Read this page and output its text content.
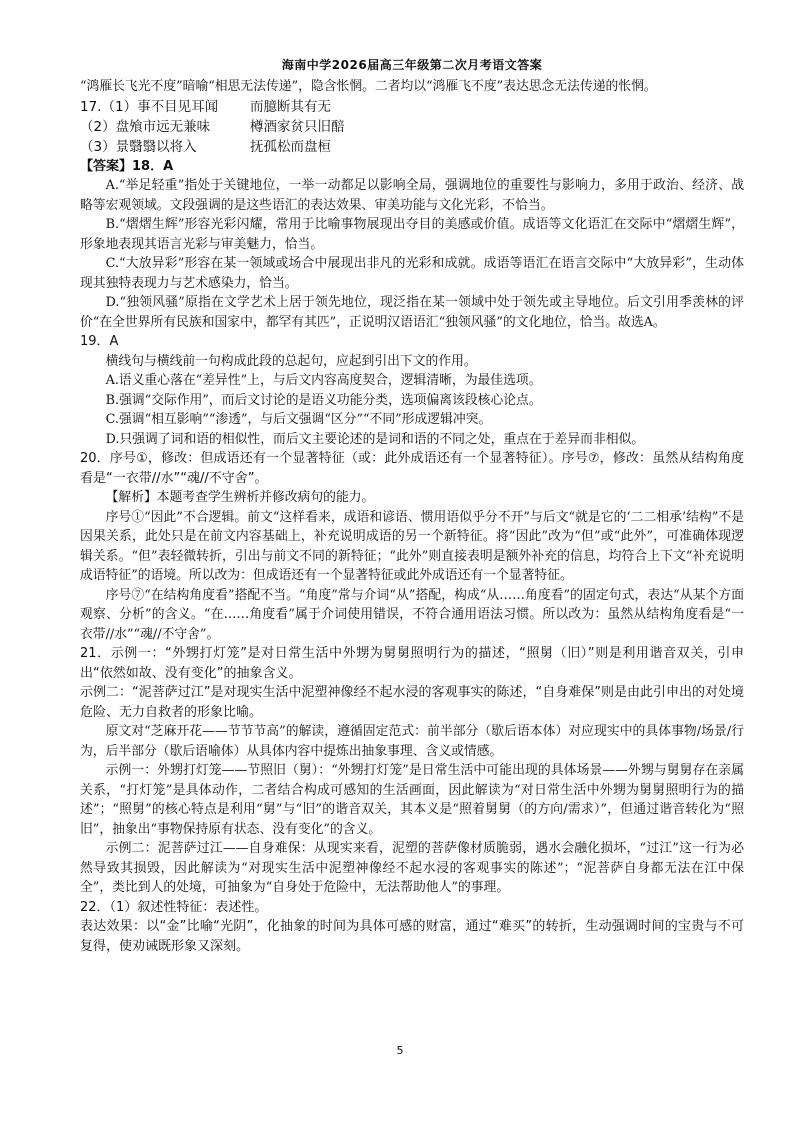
海南中学2026届高三年级第二次月考语文答案

“鸿雁长飞光不度”暗喻“相思无法传递”，隐含怅惘。二者均以“鸿雁飞不度”表达思念无法传递的怅惘。

17.（1）事不目见耳闻	而臆断其有无
（2）盘飧市远无兼味	樽酒家贫只旧醅
（3）景翳翳以将入	抚孤松而盘桓

【答案】18．A

A.“举足轻重”指处于关键地位，一举一动都足以影响全局，强调地位的重要性与影响力，多用于政治、经济、战略等宏观领域。文段强调的是这些语汇的表达效果、审美功能与文化光彩，不恰当。

B.“熠熠生辉”形容光彩闪耀，常用于比喻事物展现出夺目的美感或价值。成语等文化语汇在交际中“熠熠生辉”，形象地表现其语言光彩与审美魅力，恰当。

C.“大放异彩”形容在某一领域或场合中展现出非凡的光彩和成就。成语等语汇在语言交际中“大放异彩”，生动体现其独特表现力与艺术感染力，恰当。

D.“独领风骚”原指在文学艺术上居于领先地位，现泛指在某一领域中处于领先或主导地位。后文引用季羡林的评价“在全世界所有民族和国家中，都罕有其匹”，正说明汉语语汇“独领风骚”的文化地位，恰当。故选A。

19．A

横线句与横线前一句构成此段的总起句，应起到引出下文的作用。

A.语义重心落在“差异性”上，与后文内容高度契合，逻辑清晰，为最佳选项。

B.强调“交际作用”，而后文讨论的是语义功能分类，选项偏离该段核心论点。

C.强调“相互影响”“渗透”，与后文强调“区分”“不同”形成逻辑冲突。

D.只强调了词和语的相似性，而后文主要论述的是词和语的不同之处，重点在于差异而非相似。

20．序号①，修改：但成语还有一个显著特征（或：此外成语还有一个显著特征）。序号⑦，修改：虽然从结构角度看是“一衣带//水”“魂//不守舍”。

【解析】本题考查学生辨析并修改病句的能力。

序号①“因此”不合逻辑。前文“这样看来，成语和谚语、惯用语似乎分不开”与后文“就是它的‘二二相承’结构”不是因果关系，此处只是在前文内容基础上，补充说明成语的另一个新特征。将“因此”改为“但”或“此外”，可准确体现逻辑关系。“但”表轻微转折，引出与前文不同的新特征；“此外”则直接表明是额外补充的信息，均符合上下文“补充说明成语特征”的语境。所以改为：但成语还有一个显著特征或此外成语还有一个显著特征。

序号⑦“在结构角度看”搭配不当。“角度”常与介词“从”搭配，构成“从……角度看”的固定句式，表达“从某个方面观察、分析”的含义。“在……角度看”属于介词使用错误，不符合通用语法习惯。所以改为：虽然从结构角度看是“一衣带//水”“魂//不守舍”。

21．示例一：“外甥打灯笼”是对日常生活中外甥为舅舅照明行为的描述，“照舅（旧）”则是利用谐音双关，引申出“依然如故、没有变化”的抽象含义。

示例二：“泥菩萨过江”是对现实生活中泥塑神像经不起水浸的客观事实的陈述，“自身难保”则是由此引申出的对处境危险、无力自救者的形象比喻。

原文对“芝麻开花——节节节高”的解读，遵循固定范式：前半部分（歇后语本体）对应现实中的具体事物/场景/行为，后半部分（歇后语喻体）从具体内容中提炼出抽象事理、含义或情感。

示例一：外甥打灯笼——节照旧（舅）：“外甥打灯笼”是日常生活中可能出现的具体场景——外甥与舅舅存在亲属关系，“打灯笼”是具体动作，二者结合构成可感知的生活画面，因此解读为“对日常生活中外甥为舅舅照明行为的描述”；“照舅”的核心特点是利用“舅”与“旧”的谐音双关，其本义是“照着舅舅（的方向/需求）”，但通过谐音转化为“照旧”，抽象出“事物保持原有状态、没有变化”的含义。

示例二：泥菩萨过江——自身难保：从现实来看，泥塑的菩萨像材质脆弱，遇水会融化损坏，“过江”这一行为必然导致其损毁，因此解读为“对现实生活中泥塑神像经不起水浸的客观事实的陈述”；“泥菩萨自身都无法在江中保全”，类比到人的处境，可抽象为“自身处于危险中，无法帮助他人”的事理。

22．（1）叙述性特征：表述性。

表达效果：以“金”比喻“光阴”，化抽象的时间为具体可感的财富，通过“难买”的转折，生动强调时间的宝贵与不可复得，使劝诫既形象又深刻。

5
